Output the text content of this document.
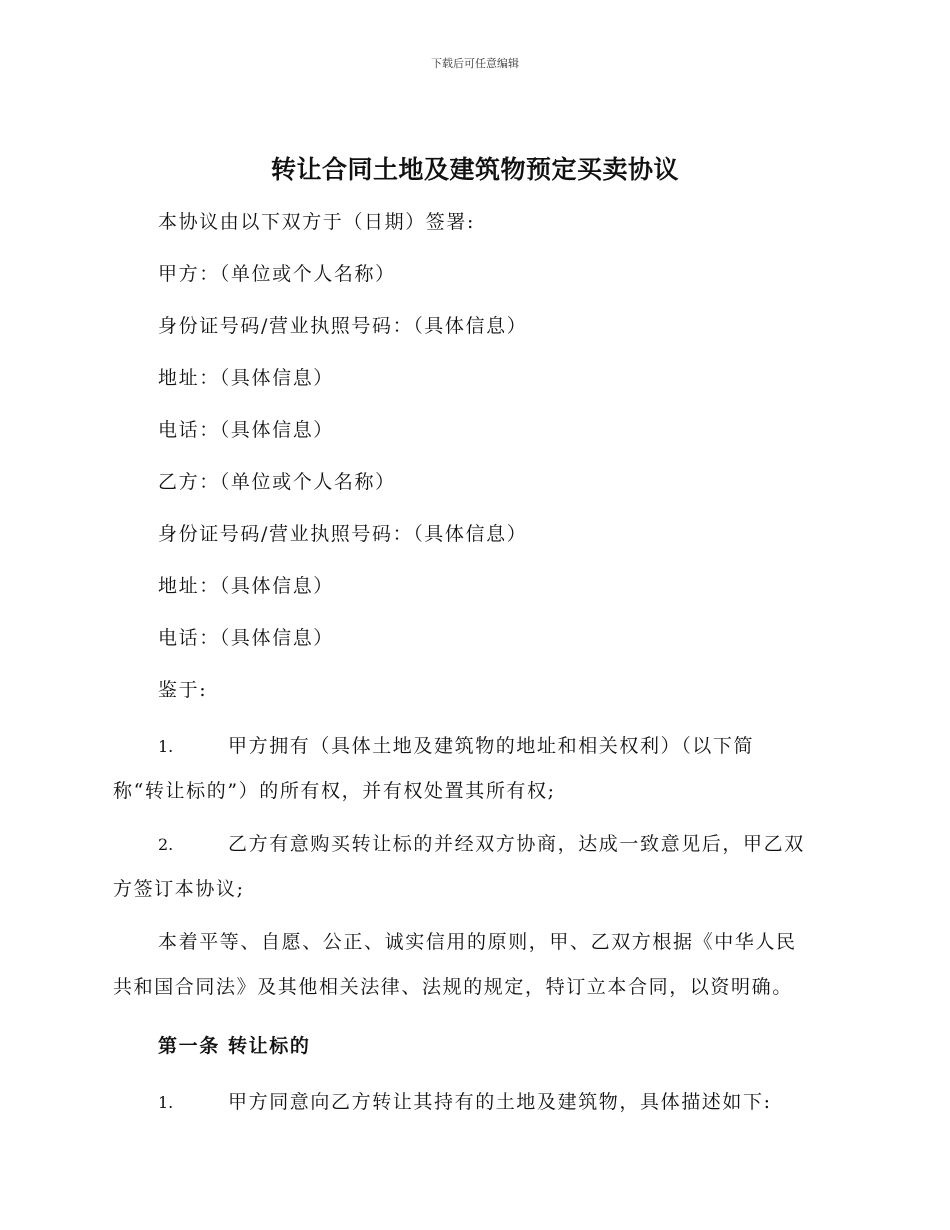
下载后可任意编辑
转让合同土地及建筑物预定买卖协议

本协议由以下双方于（日期）签署:

甲方：（单位或个人名称）

身份证号码/营业执照号码：（具体信息）

地址：（具体信息）

电话：（具体信息）

乙方：（单位或个人名称）

身份证号码/营业执照号码：（具体信息）

地址：（具体信息）

电话：（具体信息）

鉴于:

1.	甲方拥有（具体土地及建筑物的地址和相关权利）（以下简
称“转让标的”）的所有权，并有权处置其所有权;
2.	乙方有意购买转让标的并经双方协商，达成一致意见后，甲乙双
方签订本协议;
本着平等、自愿、公正、诚实信用的原则，甲、乙双方根据《中华人民
共和国合同法》及其他相关法律、法规的规定，特订立本合同，以资明确。

第一条 转让标的

1.	甲方同意向乙方转让其持有的土地及建筑物，具体描述如下:
